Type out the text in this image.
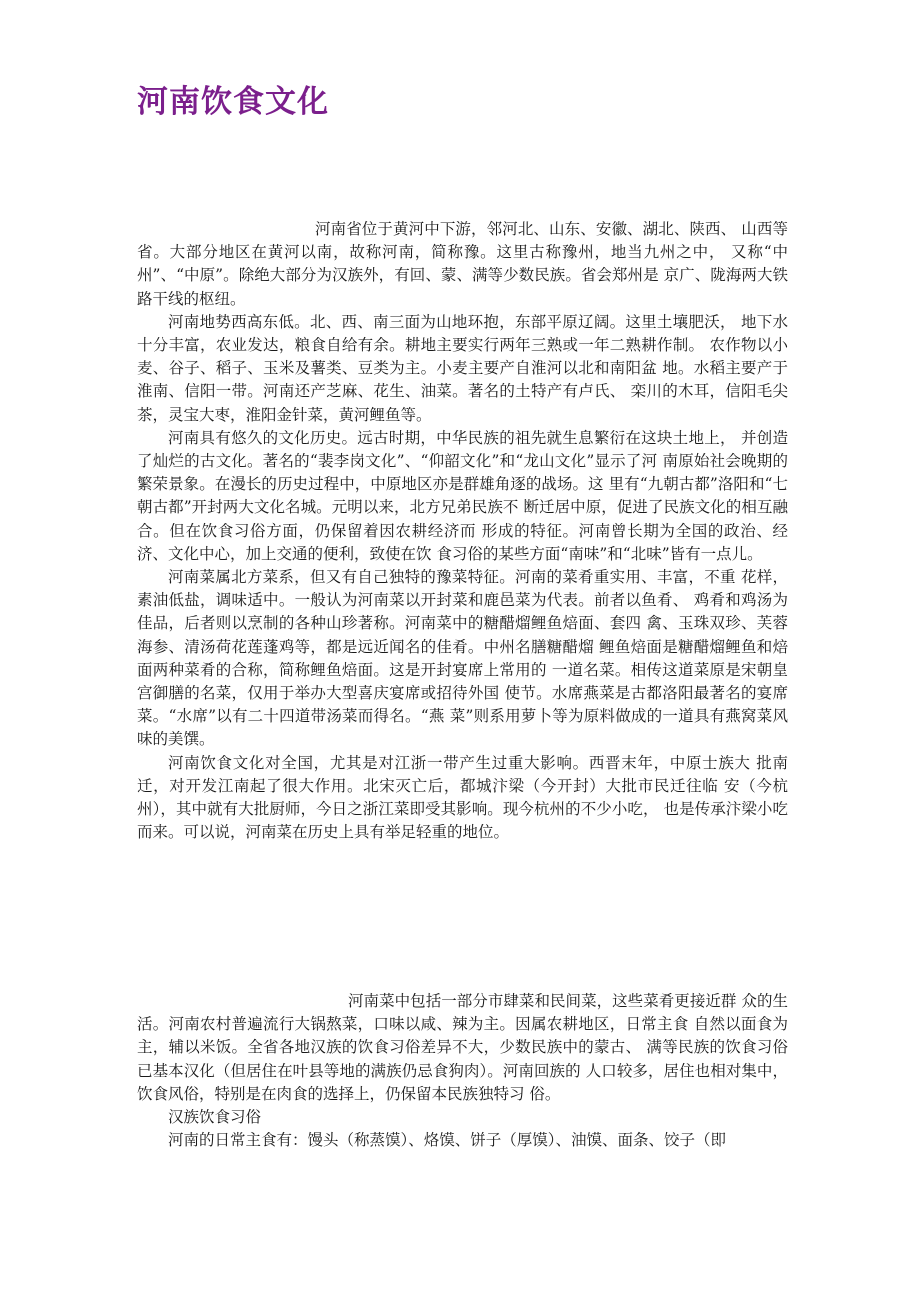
河南饮食文化

河南省位于黄河中下游，邻河北、山东、安徽、湖北、陕西、 山西等省。大部分地区在黄河以南，故称河南，简称豫。这里古称豫州，地当九州之中， 又称“中州”、“中原”。除绝大部分为汉族外，有回、蒙、满等少数民族。省会郑州是 京广、陇海两大铁路干线的枢纽。

河南地势西高东低。北、西、南三面为山地环抱，东部平原辽阔。这里土壤肥沃， 地下水十分丰富，农业发达，粮食自给有余。耕地主要实行两年三熟或一年二熟耕作制。 农作物以小麦、谷子、稻子、玉米及薯类、豆类为主。小麦主要产自淮河以北和南阳盆 地。水稻主要产于淮南、信阳一带。河南还产芝麻、花生、油菜。著名的土特产有卢氏、 栾川的木耳，信阳毛尖茶，灵宝大枣，淮阳金针菜，黄河鲤鱼等。

河南具有悠久的文化历史。远古时期，中华民族的祖先就生息繁衍在这块土地上， 并创造了灿烂的古文化。著名的“裴李岗文化”、“仰韶文化”和“龙山文化”显示了河 南原始社会晚期的繁荣景象。在漫长的历史过程中，中原地区亦是群雄角逐的战场。这 里有“九朝古都”洛阳和“七朝古都”开封两大文化名城。元明以来，北方兄弟民族不 断迁居中原，促进了民族文化的相互融合。但在饮食习俗方面，仍保留着因农耕经济而 形成的特征。河南曾长期为全国的政治、经济、文化中心，加上交通的便利，致使在饮 食习俗的某些方面“南味”和“北味”皆有一点儿。

河南菜属北方菜系，但又有自己独特的豫菜特征。河南的菜肴重实用、丰富，不重 花样，素油低盐，调味适中。一般认为河南菜以开封菜和鹿邑菜为代表。前者以鱼肴、 鸡肴和鸡汤为佳品，后者则以烹制的各种山珍著称。河南菜中的糖醋熘鲤鱼焙面、套四 禽、玉珠双珍、芙蓉海参、清汤荷花莲蓬鸡等，都是远近闻名的佳肴。中州名膳糖醋熘 鲤鱼焙面是糖醋熘鲤鱼和焙面两种菜肴的合称，简称鲤鱼焙面。这是开封宴席上常用的 一道名菜。相传这道菜原是宋朝皇宫御膳的名菜，仅用于举办大型喜庆宴席或招待外国 使节。水席燕菜是古都洛阳最著名的宴席菜。“水席”以有二十四道带汤菜而得名。“燕 菜”则系用萝卜等为原料做成的一道具有燕窝菜风味的美馔。

河南饮食文化对全国，尤其是对江浙一带产生过重大影响。西晋末年，中原士族大 批南迁，对开发江南起了很大作用。北宋灭亡后，都城汴梁（今开封）大批市民迁往临 安（今杭州），其中就有大批厨师，今日之浙江菜即受其影响。现今杭州的不少小吃， 也是传承汴梁小吃而来。可以说，河南菜在历史上具有举足轻重的地位。

河南菜中包括一部分市肆菜和民间菜，这些菜肴更接近群 众的生活。河南农村普遍流行大锅熬菜，口味以咸、辣为主。因属农耕地区，日常主食 自然以面食为主，辅以米饭。全省各地汉族的饮食习俗差异不大，少数民族中的蒙古、 满等民族的饮食习俗已基本汉化（但居住在叶县等地的满族仍忌食狗肉）。河南回族的 人口较多，居住也相对集中，饮食风俗，特别是在肉食的选择上，仍保留本民族独特习 俗。

汉族饮食习俗

河南的日常主食有：馒头（称蒸馍）、烙馍、饼子（厚馍）、油馍、面条、饺子（即
